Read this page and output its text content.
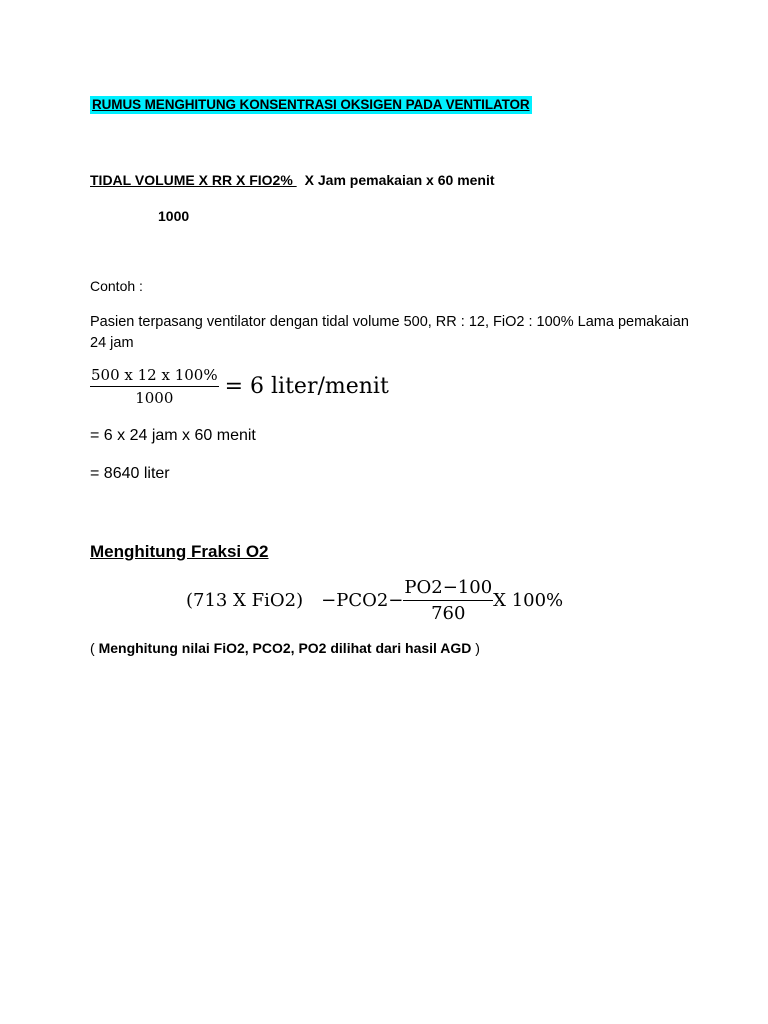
RUMUS MENGHITUNG KONSENTRASI OKSIGEN PADA VENTILATOR
TIDAL VOLUME X RR X FIO2% X Jam pemakaian x 60 menit
1000
Contoh :
Pasien terpasang ventilator dengan tidal volume 500, RR : 12, FiO2 : 100% Lama pemakaian 24 jam
$\frac{500 x 12 x 100\%}{1000} = 6$ liter/menit
= 6 x 24 jam x 60 menit
= 8640 liter
Menghitung Fraksi O2
(713 X $FiO2) -PCO2- \frac{PO2-100}{760}$ X 100%
( Menghitung nilai FiO2, PCO2, PO2 dilihat dari hasil AGD )
